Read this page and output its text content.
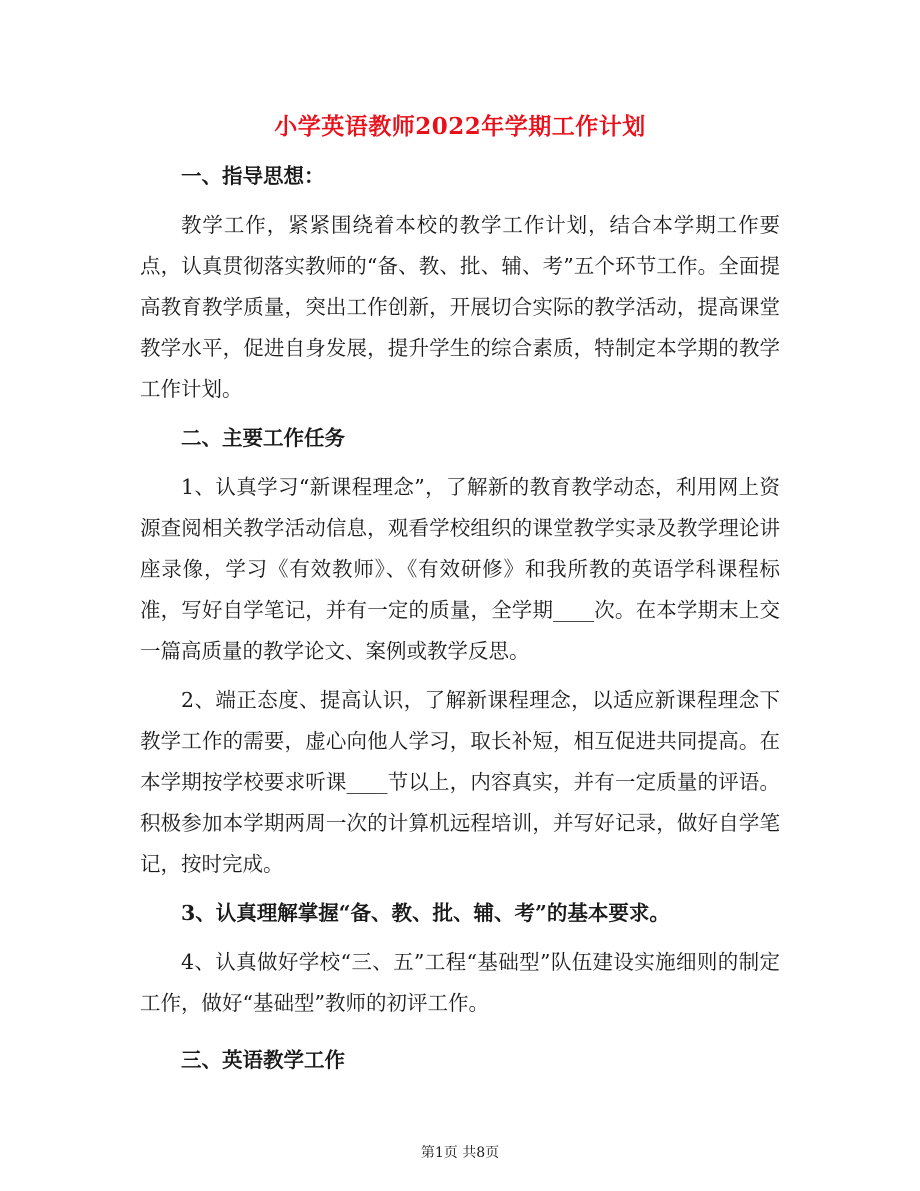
小学英语教师2022年学期工作计划

一、指导思想：

教学工作，紧紧围绕着本校的教学工作计划，结合本学期工作要点，认真贯彻落实教师的“备、教、批、辅、考”五个环节工作。全面提高教育教学质量，突出工作创新，开展切合实际的教学活动，提高课堂教学水平，促进自身发展，提升学生的综合素质，特制定本学期的教学工作计划。

二、主要工作任务

1、认真学习“新课程理念”，了解新的教育教学动态，利用网上资源查阅相关教学活动信息，观看学校组织的课堂教学实录及教学理论讲座录像，学习《有效教师》、《有效研修》和我所教的英语学科课程标准，写好自学笔记，并有一定的质量，全学期____次。在本学期末上交一篇高质量的教学论文、案例或教学反思。

2、端正态度、提高认识，了解新课程理念，以适应新课程理念下教学工作的需要，虚心向他人学习，取长补短，相互促进共同提高。在本学期按学校要求听课____节以上，内容真实，并有一定质量的评语。积极参加本学期两周一次的计算机远程培训，并写好记录，做好自学笔记，按时完成。

3、认真理解掌握“备、教、批、辅、考”的基本要求。

4、认真做好学校“三、五”工程“基础型”队伍建设实施细则的制定工作，做好“基础型”教师的初评工作。

三、英语教学工作

第1页 共8页
